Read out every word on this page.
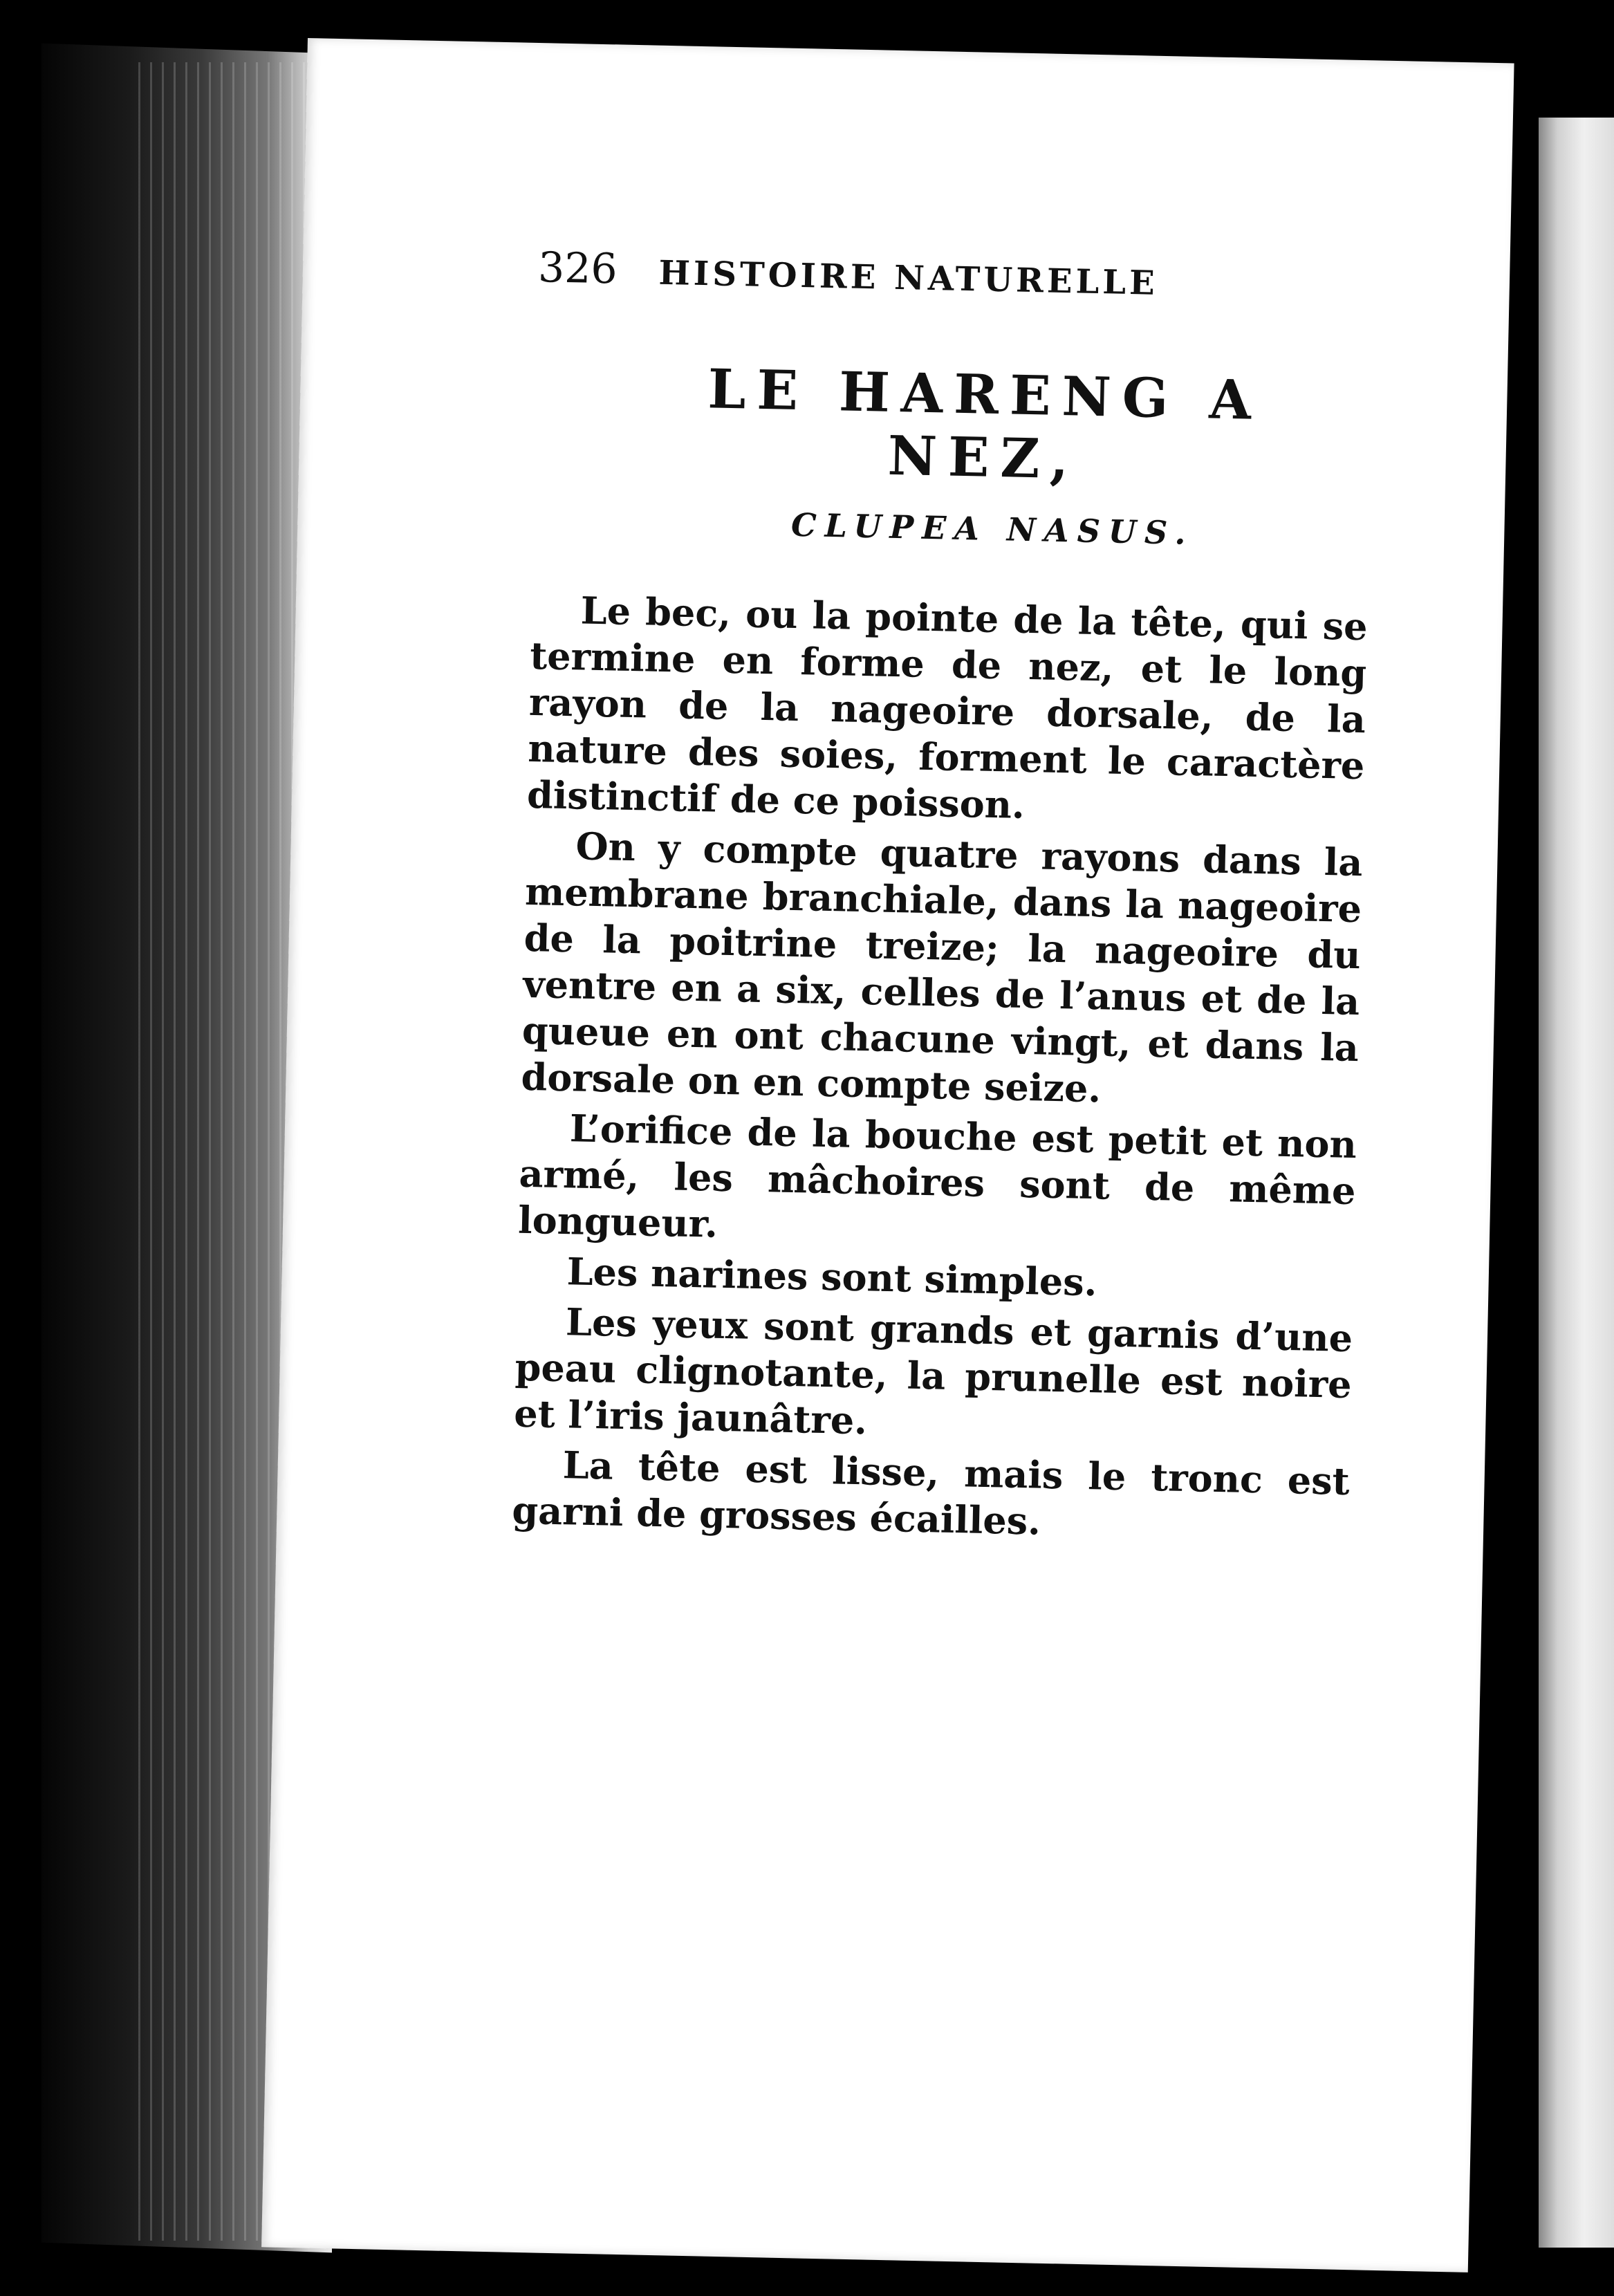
326 HISTOIRE NATURELLE
LE HARENG A NEZ,
CLUPEA NASUS.

Le bec, ou la pointe de la tête, qui se termine en forme de nez, et le long rayon de la nageoire dorsale, de la nature des soies, forment le caractère distinctif de ce poisson.

On y compte quatre rayons dans la membrane branchiale, dans la nageoire de la poitrine treize; la nageoire du ventre en a six, celles de l’anus et de la queue en ont chacune vingt, et dans la dorsale on en compte seize.

L’orifice de la bouche est petit et non armé, les mâchoires sont de même longueur.

Les narines sont simples.

Les yeux sont grands et garnis d’une peau clignotante, la prunelle est noire et l’iris jaunâtre.

La tête est lisse, mais le tronc est garni de grosses écailles.
